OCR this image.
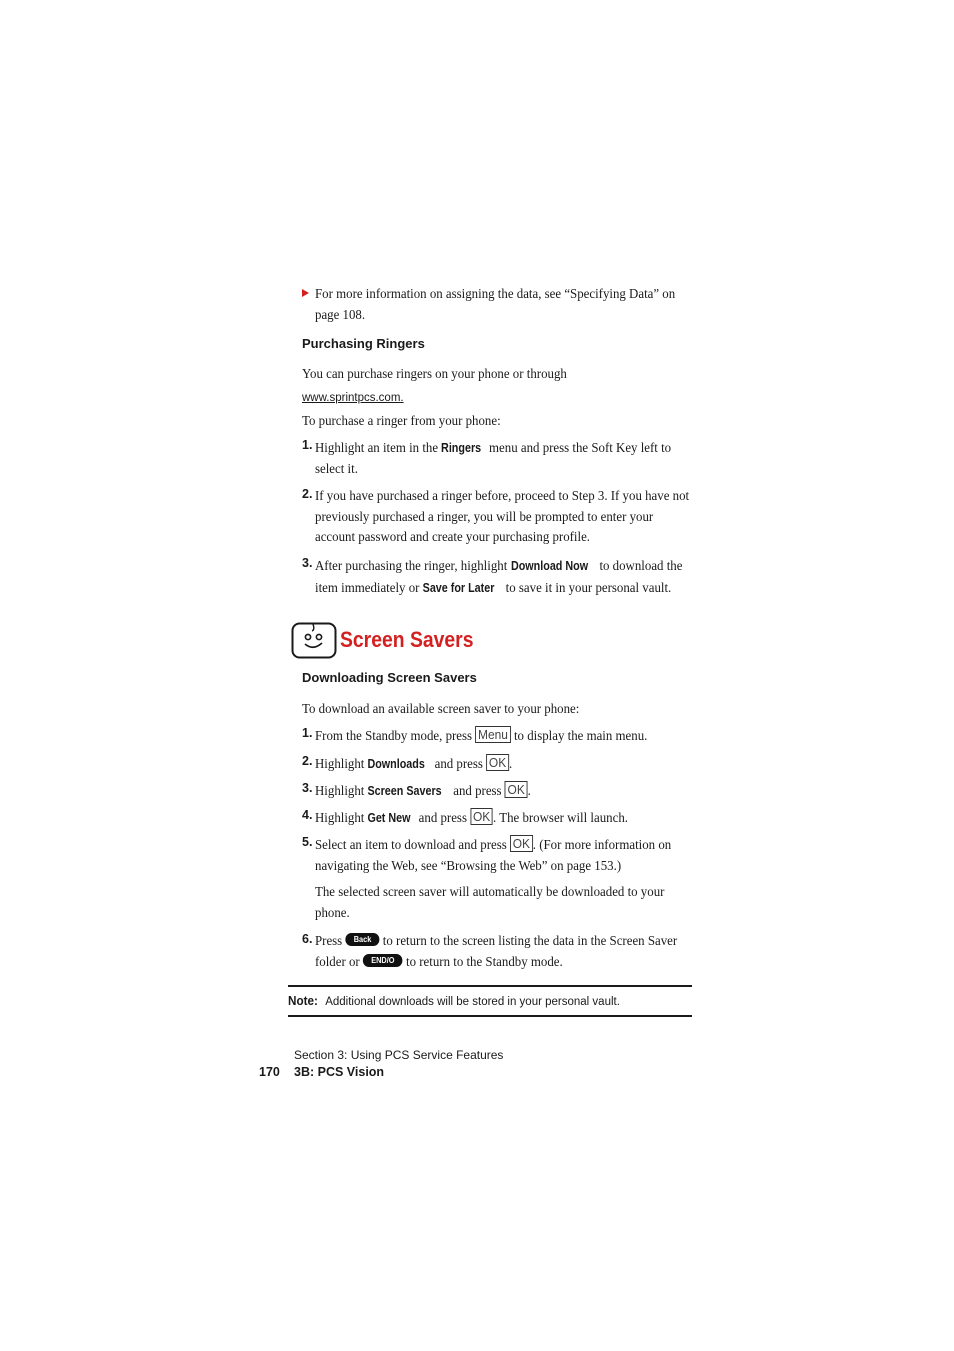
For more information on assigning the data, see “Specifying Data” on page 108.
Purchasing Ringers
You can purchase ringers on your phone or through
www.sprintpcs.com.
To purchase a ringer from your phone:
1. Highlight an item in the Ringers menu and press the Soft Key left to select it.
2. If you have purchased a ringer before, proceed to Step 3. If you have not previously purchased a ringer, you will be prompted to enter your account password and create your purchasing profile.
3. After purchasing the ringer, highlight Download Now to download the item immediately or Save for Later to save it in your personal vault.
Screen Savers
Downloading Screen Savers
To download an available screen saver to your phone:
1. From the Standby mode, press Menu to display the main menu.
2. Highlight Downloads and press OK .
3. Highlight Screen Savers and press OK .
4. Highlight Get New and press OK . The browser will launch.
5. Select an item to download and press OK . (For more information on navigating the Web, see “Browsing the Web” on page 153.)
The selected screen saver will automatically be downloaded to your phone.
6. Press Back to return to the screen listing the data in the Screen Saver folder or END/O to return to the Standby mode.
Note: Additional downloads will be stored in your personal vault.
Section 3: Using PCS Service Features
170 3B: PCS Vision
